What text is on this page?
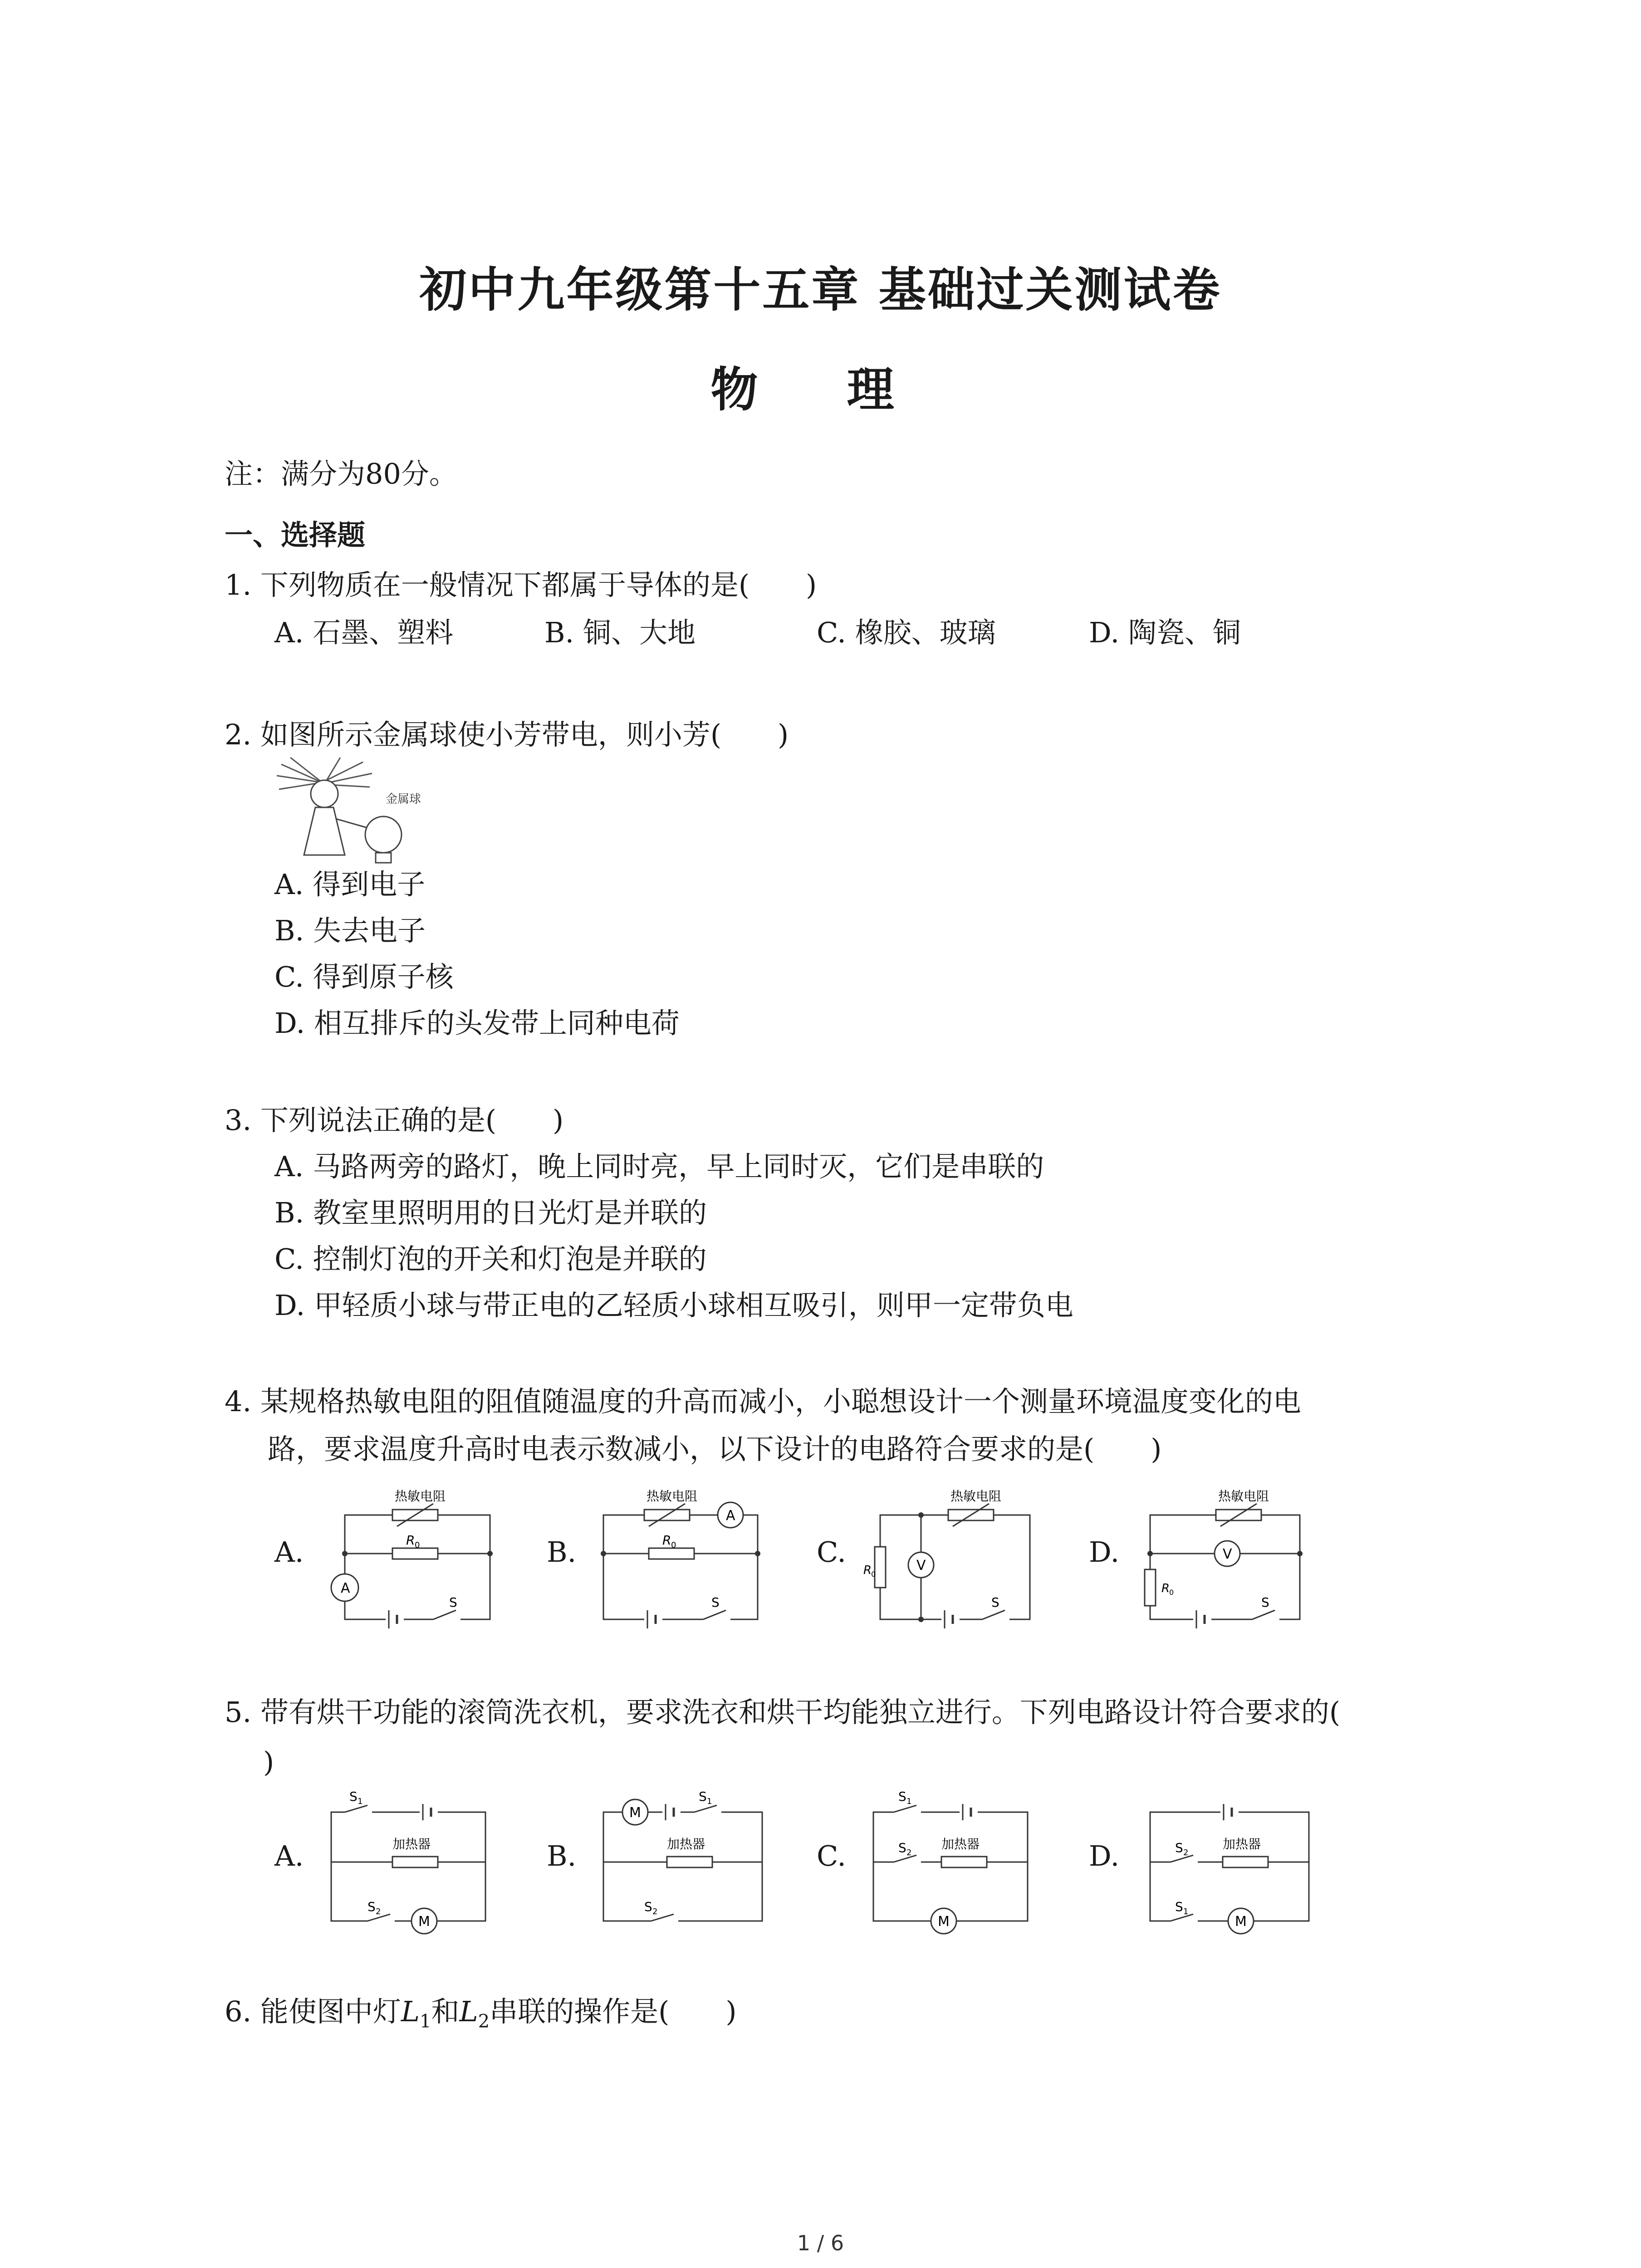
初中九年级第十五章 基础过关测试卷
物 理
注：满分为80分。
一、选择题
1. 下列物质在一般情况下都属于导体的是(　　)
A. 石墨、塑料	B. 铜、大地	C. 橡胶、玻璃	D. 陶瓷、铜
2. 如图所示金属球使小芳带电，则小芳(　　)
金属球
A. 得到电子
B. 失去电子
C. 得到原子核
D. 相互排斥的头发带上同种电荷
3. 下列说法正确的是(　　)
A. 马路两旁的路灯，晚上同时亮，早上同时灭，它们是串联的
B. 教室里照明用的日光灯是并联的
C. 控制灯泡的开关和灯泡是并联的
D. 甲轻质小球与带正电的乙轻质小球相互吸引，则甲一定带负电
4. 某规格热敏电阻的阻值随温度的升高而减小，小聪想设计一个测量环境温度变化的电
路，要求温度升高时电表示数减小，以下设计的电路符合要求的是(　　)
A.
A
热敏电阻
R 0
S
B.
A
热敏电阻
R 0
S
C.	V
R
0
热敏电阻
S
D.	V
R
0
热敏电阻
S
5. 带有烘干功能的滚筒洗衣机，要求洗衣和烘干均能独立进行。下列电路设计符合要求的(
)
A.
M
S 1
加热器
S 2
B.
M
S 1
加热器
S 2
C.
M
S 1
S 2
加热器	D.
M
S 2
加热器
S 1
6. 能使图中灯$L_1$和$L_2$串联的操作是(　　)
1 / 6
